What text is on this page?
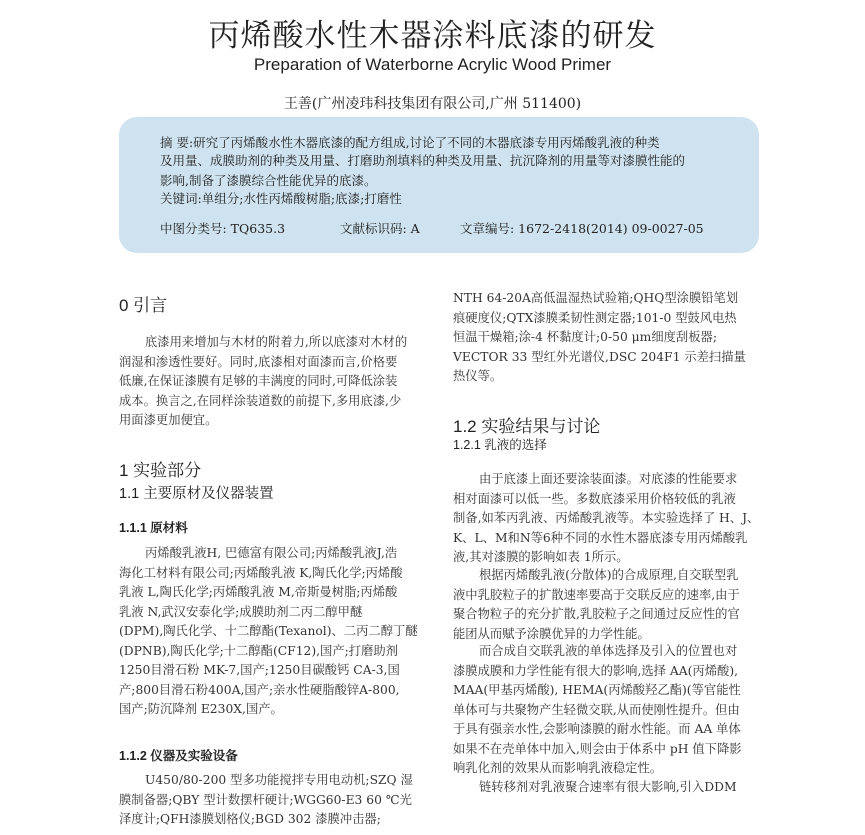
丙烯酸水性木器涂料底漆的研发
Preparation of Waterborne Acrylic Wood Primer
王善(广州凌玮科技集团有限公司,广州 511400)
摘 要:研究了丙烯酸水性木器底漆的配方组成,讨论了不同的木器底漆专用丙烯酸乳液的种类
及用量、成膜助剂的种类及用量、打磨助剂填料的种类及用量、抗沉降剂的用量等对漆膜性能的
影响,制备了漆膜综合性能优异的底漆。
关键词:单组分;水性丙烯酸树脂;底漆;打磨性
中图分类号: TQ635.3	文献标识码: A	文章编号: 1672-2418(2014) 09-0027-05
0 引言
底漆用来增加与木材的附着力,所以底漆对木材的
润湿和渗透性要好。同时,底漆相对面漆而言,价格要
低廉,在保证漆膜有足够的丰满度的同时,可降低涂装
成本。换言之,在同样涂装道数的前提下,多用底漆,少
用面漆更加便宜。
1 实验部分
1.1 主要原材及仪器装置
1.1.1 原材料
丙烯酸乳液H, 巴德富有限公司;丙烯酸乳液J,浩
海化工材料有限公司;丙烯酸乳液 K,陶氏化学;丙烯酸
乳液 L,陶氏化学;丙烯酸乳液 M,帝斯曼树脂;丙烯酸
乳液 N,武汉安泰化学;成膜助剂二丙二醇甲醚
(DPM),陶氏化学、十二醇酯(Texanol)、二丙二醇丁醚
(DPNB),陶氏化学;十二醇酯(CF12),国产;打磨助剂
1250目滑石粉 MK-7,国产;1250目碳酸钙 CA-3,国
产;800目滑石粉400A,国产;亲水性硬脂酸锌A-800,
国产;防沉降剂 E230X,国产。
1.1.2 仪器及实验设备
U450/80-200 型多功能搅拌专用电动机;SZQ 湿
膜制备器;QBY 型计数摆杆硬计;WGG60-E3 60 ℃光
泽度计;QFH漆膜划格仪;BGD 302 漆膜冲击器;
NTH 64-20A高低温湿热试验箱;QHQ型涂膜铅笔划
痕硬度仪;QTX漆膜柔韧性测定器;101-0 型鼓风电热
恒温干燥箱;涂-4 杯黏度计;0-50 μm细度刮板器;
VECTOR 33 型红外光谱仪,DSC 204F1 示差扫描量
热仪等。
1.2 实验结果与讨论
1.2.1 乳液的选择
由于底漆上面还要涂装面漆。对底漆的性能要求
相对面漆可以低一些。多数底漆采用价格较低的乳液
制备,如苯丙乳液、丙烯酸乳液等。本实验选择了 H、J、
K、L、M和N等6种不同的水性木器底漆专用丙烯酸乳
液,其对漆膜的影响如表 1所示。
根据丙烯酸乳液(分散体)的合成原理,自交联型乳
液中乳胶粒子的扩散速率要高于交联反应的速率,由于
聚合物粒子的充分扩散,乳胶粒子之间通过反应性的官
能团从而赋予涂膜优异的力学性能。
而合成自交联乳液的单体选择及引入的位置也对
漆膜成膜和力学性能有很大的影响,选择 AA(丙烯酸),
MAA(甲基丙烯酸), HEMA(丙烯酸羟乙酯)(等官能性
单体可与共聚物产生轻微交联,从而使刚性提升。但由
于具有强亲水性,会影响漆膜的耐水性能。而 AA 单体
如果不在壳单体中加入,则会由于体系中 pH 值下降影
响乳化剂的效果从而影响乳液稳定性。
链转移剂对乳液聚合速率有很大影响,引入DDM
